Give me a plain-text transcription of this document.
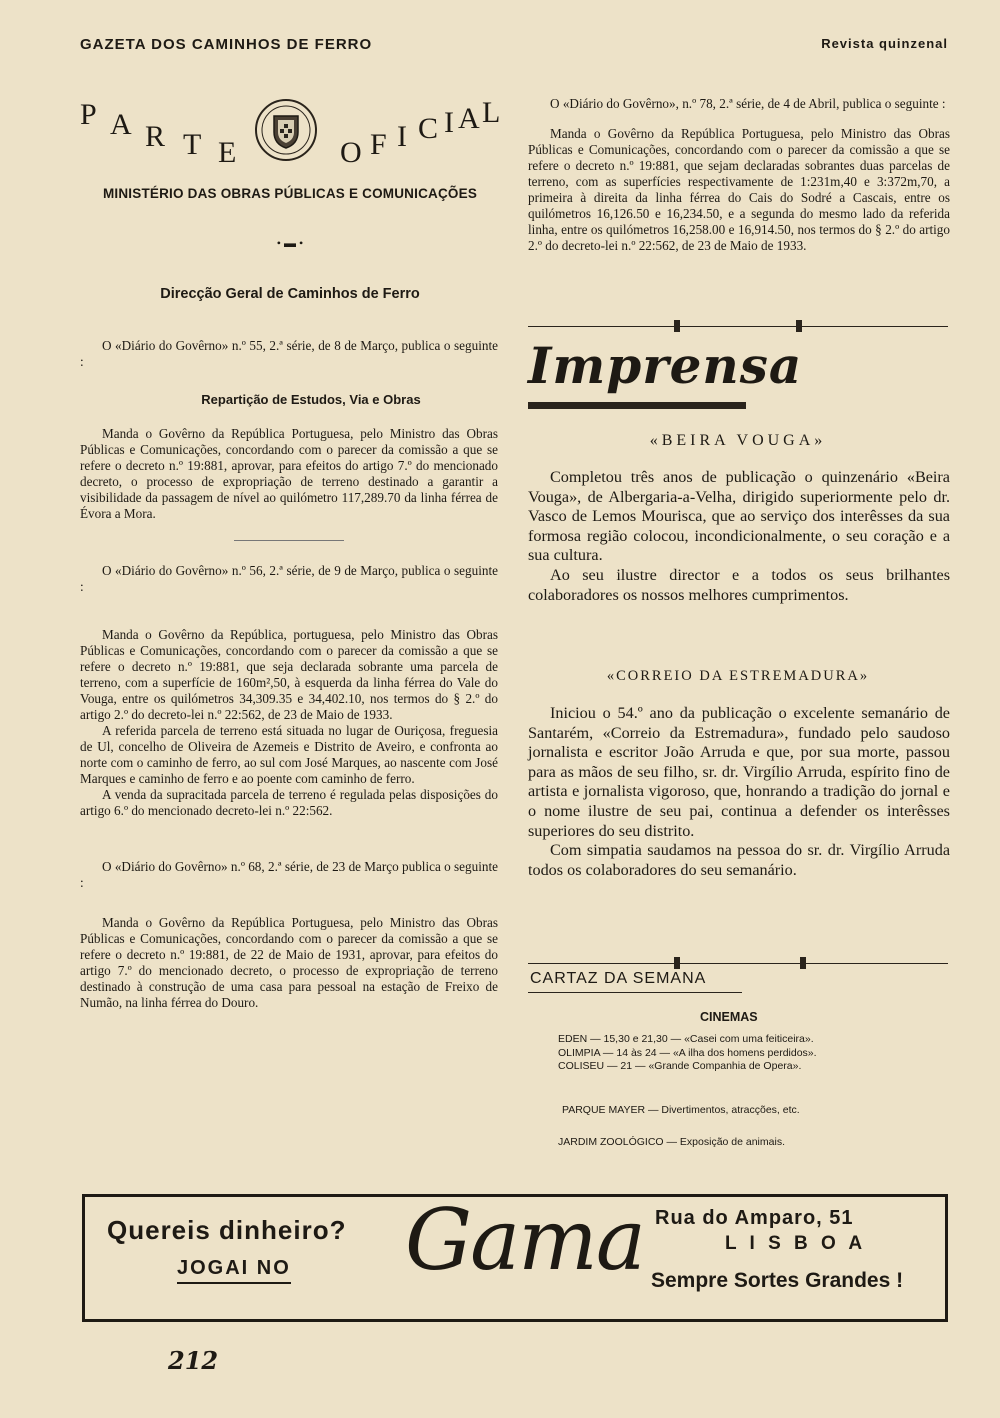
GAZETA DOS CAMINHOS DE FERRO	Revista quinzenal
P A R T E	O F I C I A L
MINISTÉRIO DAS OBRAS PÚBLICAS E COMUNICAÇÕES
• ▬ •
Direcção Geral de Caminhos de Ferro

O «Diário do Govêrno» n.º 55, 2.ª série, de 8 de Março, publica o seguinte :

Repartição de Estudos, Via e Obras

Manda o Govêrno da República Portuguesa, pelo Ministro das Obras Públicas e Comunicações, concordando com o parecer da comissão a que se refere o decreto n.º 19:881, aprovar, para efeitos do artigo 7.º do mencionado decreto, o processo de expropriação de terreno destinado a garantir a visibilidade da passagem de nível ao quilómetro 117,289.70 da linha férrea de Évora a Mora.

O «Diário do Govêrno» n.º 56, 2.ª série, de 9 de Março, publica o seguinte :

Manda o Govêrno da República, portuguesa, pelo Ministro das Obras Públicas e Comunicações, concordando com o parecer da comissão a que se refere o decreto n.º 19:881, que seja declarada sobrante uma parcela de terreno, com a superfície de 160m²,50, à esquerda da linha férrea do Vale do Vouga, entre os quilómetros 34,309.35 e 34,402.10, nos termos do § 2.º do artigo 2.º do decreto-lei n.º 22:562, de 23 de Maio de 1933.

A referida parcela de terreno está situada no lugar de Ouriçosa, freguesia de Ul, concelho de Oliveira de Azemeis e Distrito de Aveiro, e confronta ao norte com o caminho de ferro, ao sul com José Marques, ao nascente com José Marques e caminho de ferro e ao poente com caminho de ferro.

A venda da supracitada parcela de terreno é regulada pelas disposições do artigo 6.º do mencionado decreto-lei n.º 22:562.

O «Diário do Govêrno» n.º 68, 2.ª série, de 23 de Março publica o seguinte :

Manda o Govêrno da República Portuguesa, pelo Ministro das Obras Públicas e Comunicações, concordando com o parecer da comissão a que se refere o decreto n.º 19:881, de 22 de Maio de 1931, aprovar, para efeitos do artigo 7.º do mencionado decreto, o processo de expropriação de terreno destinado à construção de uma casa para pessoal na estação de Freixo de Numão, na linha férrea do Douro.

O «Diário do Govêrno», n.º 78, 2.ª série, de 4 de Abril, publica o seguinte :

Manda o Govêrno da República Portuguesa, pelo Ministro das Obras Públicas e Comunicações, concordando com o parecer da comissão a que se refere o decreto n.º 19:881, que sejam declaradas sobrantes duas parcelas de terreno, com as superfícies respectivamente de 1:231m,40 e 3:372m,70, a primeira à direita da linha férrea do Cais do Sodré a Cascais, entre os quilómetros 16,126.50 e 16,234.50, e a segunda do mesmo lado da referida linha, entre os quilómetros 16,258.00 e 16,914.50, nos termos do § 2.º do artigo 2.º do decreto-lei n.º 22:562, de 23 de Maio de 1933.

Imprensa
«BEIRA VOUGA»

Completou três anos de publicação o quinzenário «Beira Vouga», de Albergaria-a-Velha, dirigido superiormente pelo dr. Vasco de Lemos Mourisca, que ao serviço dos interêsses da sua formosa região colocou, incondicionalmente, o seu coração e a sua cultura.

Ao seu ilustre director e a todos os seus brilhantes colaboradores os nossos melhores cumprimentos.

«CORREIO DA ESTREMADURA»

Iniciou o 54.º ano da publicação o excelente semanário de Santarém, «Correio da Estremadura», fundado pelo saudoso jornalista e escritor João Arruda e que, por sua morte, passou para as mãos de seu filho, sr. dr. Virgílio Arruda, espírito fino de artista e jornalista vigoroso, que, honrando a tradição do jornal e o nome ilustre de seu pai, continua a defender os interêsses superiores do seu distrito.

Com simpatia saudamos na pessoa do sr. dr. Virgílio Arruda todos os colaboradores do seu semanário.

CARTAZ DA SEMANA
CINEMAS
EDEN — 15,30 e 21,30 — «Casei com uma feiticeira».
OLIMPIA — 14 às 24 — «A ilha dos homens perdidos».
COLISEU — 21 — «Grande Companhia de Opera».
PARQUE MAYER — Divertimentos, atracções, etc.
JARDIM ZOOLÓGICO — Exposição de animais.
Quereis dinheiro?
JOGAI NO Gama Rua do Amparo, 51
L I S B O A
Sempre Sortes Grandes !
212
